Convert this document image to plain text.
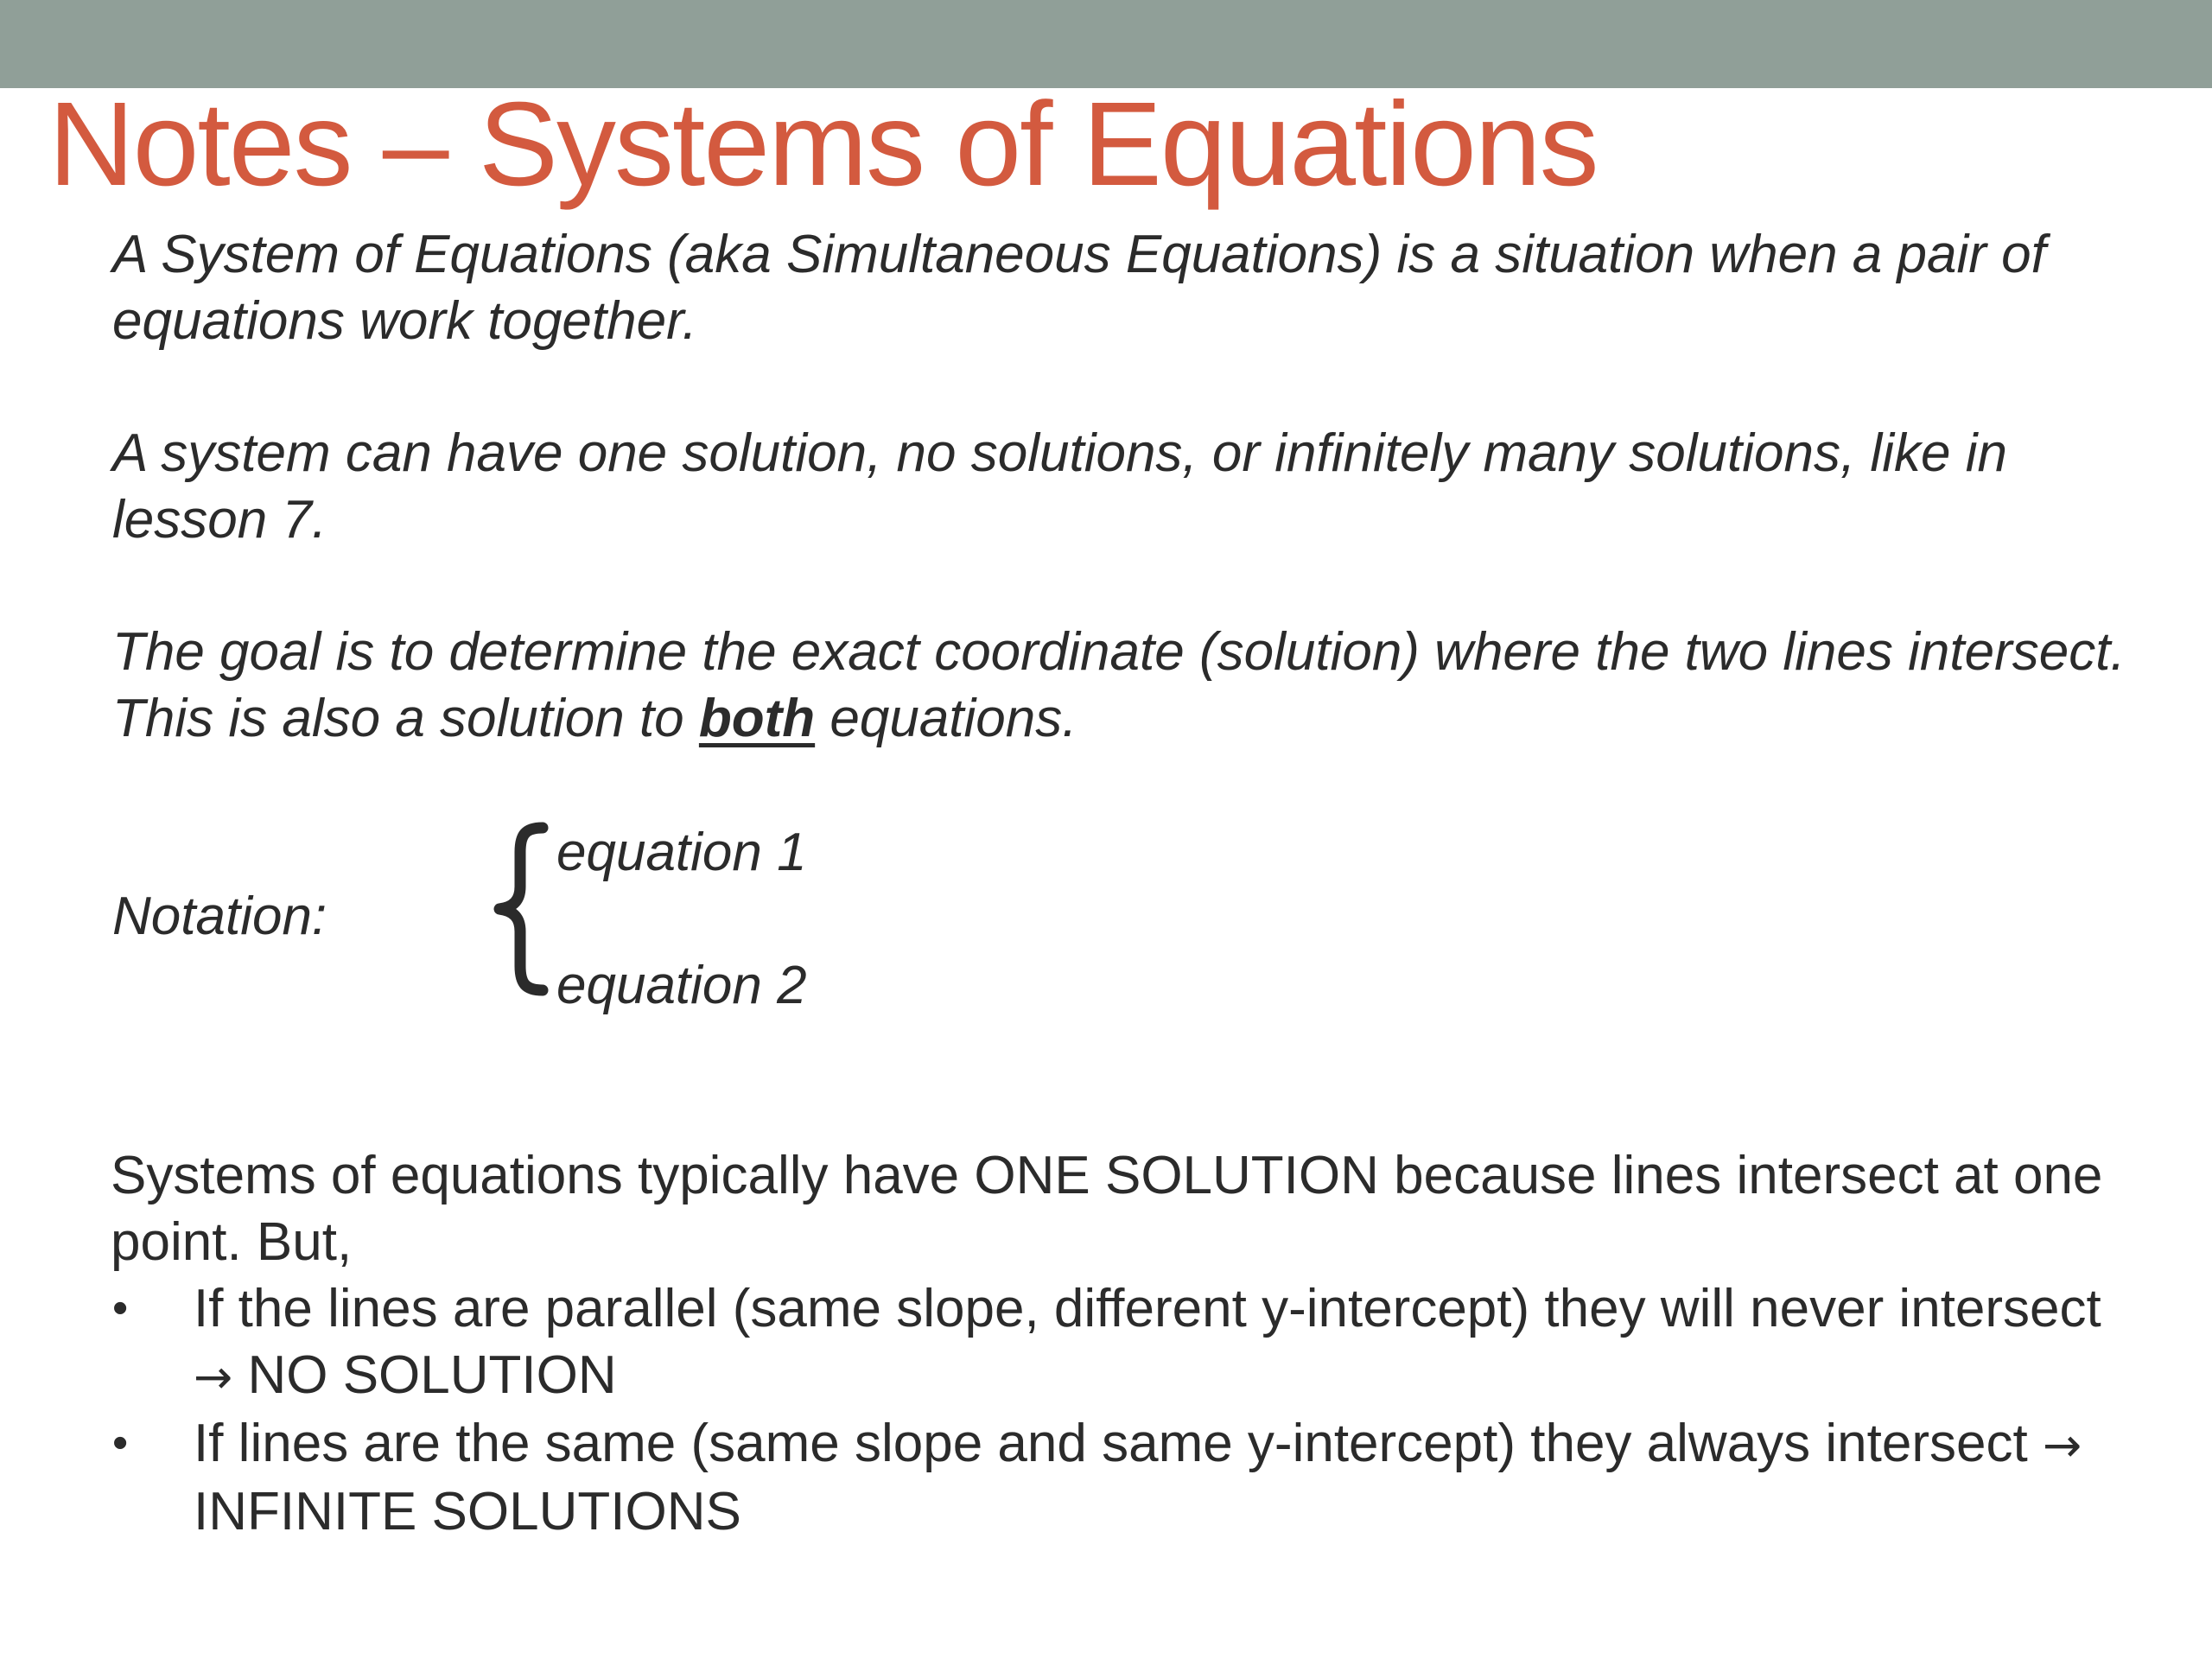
Notes – Systems of Equations

A System of Equations (aka Simultaneous Equations) is a situation when a pair of equations work together.

A system can have one solution, no solutions, or infinitely many solutions, like in lesson 7.

The goal is to determine the exact coordinate (solution) where the two lines intersect. This is also a solution to both equations.

Notation:

equation 1

equation 2

Systems of equations typically have ONE SOLUTION because lines intersect at one point. But,

• If the lines are parallel (same slope, different y-intercept) they will never intersect → NO SOLUTION
• If lines are the same (same slope and same y-intercept) they always intersect → INFINITE SOLUTIONS
